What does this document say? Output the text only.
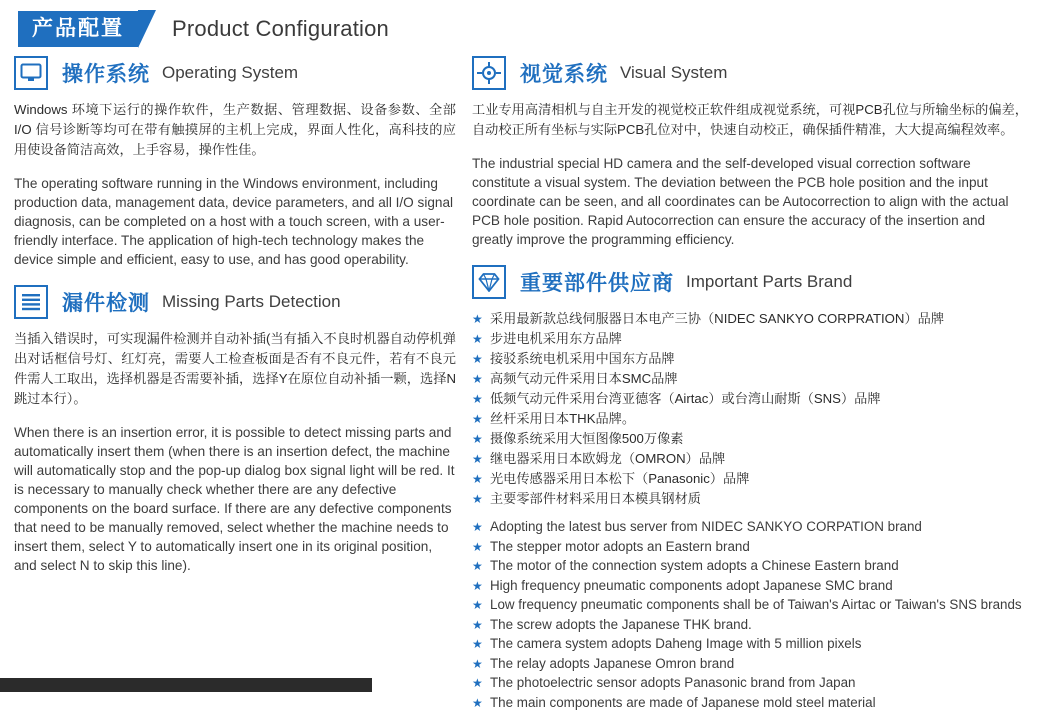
产品配置	Product Configuration
操作系统 Operating System

Windows 环境下运行的操作软件，生产数据、管理数据、设备参数、全部 I/O 信号诊断等均可在带有触摸屏的主机上完成，界面人性化，高科技的应用使设备简洁高效，上手容易，操作性佳。

The operating software running in the Windows environment, including production data, management data, device parameters, and all I/O signal diagnosis, can be completed on a host with a touch screen, with a user-friendly interface. The application of high-tech technology makes the device simple and efficient, easy to use, and has good operability.

漏件检测 Missing Parts Detection

当插入错误时，可实现漏件检测并自动补插(当有插入不良时机器自动停机弹出对话框信号灯、红灯亮，需要人工检查板面是否有不良元件，若有不良元件需人工取出，选择机器是否需要补插，选择Y在原位自动补插一颗，选择N跳过本行）。

When there is an insertion error, it is possible to detect missing parts and automatically insert them (when there is an insertion defect, the machine will automatically stop and the pop-up dialog box signal light will be red. It is necessary to manually check whether there are any defective components on the board surface. If there are any defective components that need to be manually removed, select whether the machine needs to insert them, select Y to automatically insert one in its original position, and select N to skip this line).

视觉系统 Visual System

工业专用高清相机与自主开发的视觉校正软件组成视觉系统，可视PCB孔位与所输坐标的偏差，自动校正所有坐标与实际PCB孔位对中，快速自动校正，确保插件精准，大大提高编程效率。

The industrial special HD camera and the self-developed visual correction software constitute a visual system. The deviation between the PCB hole position and the input coordinate can be seen, and all coordinates can be Autocorrection to align with the actual PCB hole position. Rapid Autocorrection can ensure the accuracy of the insertion and greatly improve the programming efficiency.

重要部件供应商 Important Parts Brand
★ 采用最新款总线伺服器日本电产三协（NIDEC SANKYO CORPRATION）品牌
★ 步进电机采用东方品牌
★ 接驳系统电机采用中国东方品牌
★ 高频气动元件采用日本SMC品牌
★ 低频气动元件采用台湾亚德客（Airtac）或台湾山耐斯（SNS）品牌
★ 丝杆采用日本THK品牌。
★ 摄像系统采用大恒图像500万像素
★ 继电器采用日本欧姆龙（OMRON）品牌
★ 光电传感器采用日本松下（Panasonic）品牌
★ 主要零部件材料采用日本模具钢材质
★ Adopting the latest bus server from NIDEC SANKYO CORPATION brand
★ The stepper motor adopts an Eastern brand
★ The motor of the connection system adopts a Chinese Eastern brand
★ High frequency pneumatic components adopt Japanese SMC brand
★ Low frequency pneumatic components shall be of Taiwan's Airtac or Taiwan's SNS brands
★ The screw adopts the Japanese THK brand.
★ The camera system adopts Daheng Image with 5 million pixels
★ The relay adopts Japanese Omron brand
★ The photoelectric sensor adopts Panasonic brand from Japan
★ The main components are made of Japanese mold steel material
